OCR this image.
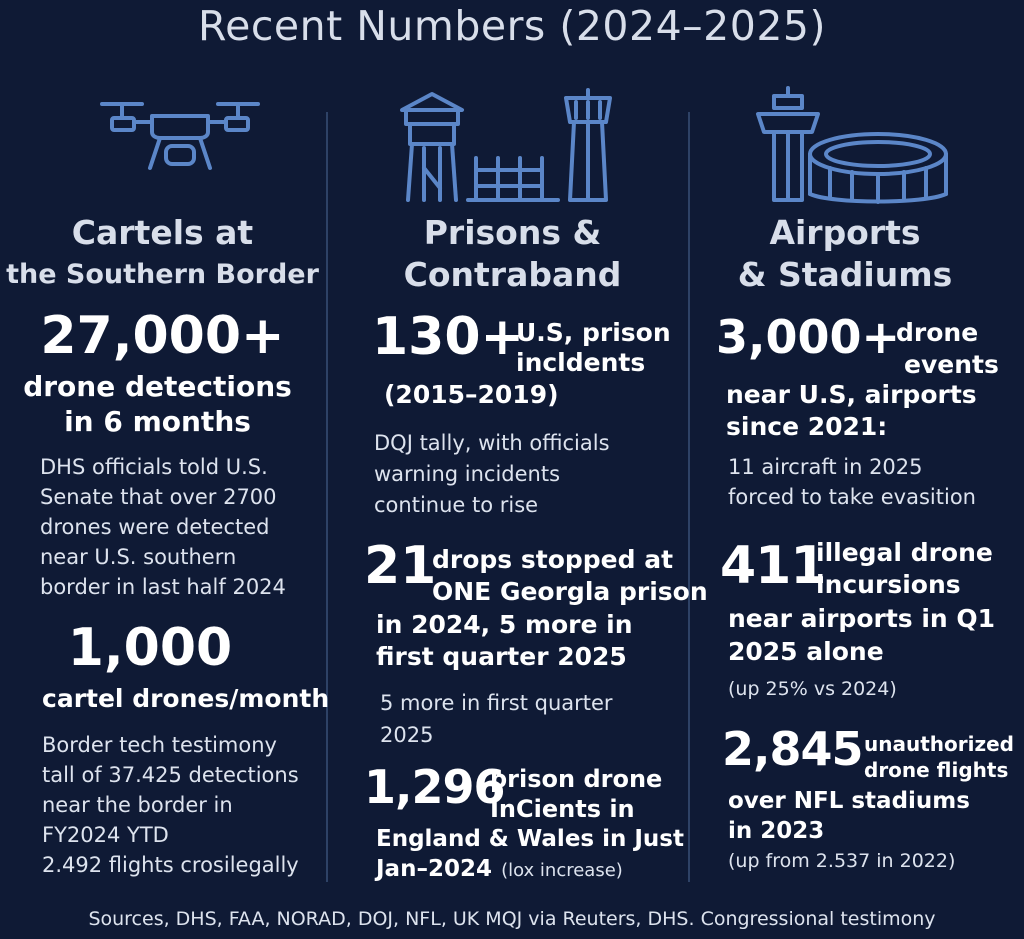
Recent Numbers (2024–2025)
Cartels at
the Southern Border
27,000+
drone detections
in 6 months
DHS officials told U.S.
Senate that over 2700
drones were detected
near U.S. southern
border in last half 2024
1,000
cartel drones/month
Border tech testimony
tall of 37.425 detections
near the border in
FY2024 YTD
2.492 flights crosilegally
Prisons &
Contraband
130+
U.S, prison
incldents
(2015–2019)
DQJ tally, with officials
warning incidents
continue to rise
21
drops stopped at
ONE Georgla prison
in 2024, 5 more in
first quarter 2025
5 more in first quarter
2025
1,296
prison drone
InCients in
England & Wales in Just
Jan–2024 (lox increase)
Airports
& Stadiums
3,000+
drone
events
near U.S, airports
since 2021:
11 aircraft in 2025
forced to take evasition
411
illegal drone
incursions
near airports in Q1
2025 alone
(up 25% vs 2024)
2,845 unauthorized
drone flights
over NFL stadiums
in 2023
(up from 2.537 in 2022)
Sources, DHS, FAA, NORAD, DOJ, NFL, UK MQJ via Reuters, DHS. Congressional testimony
